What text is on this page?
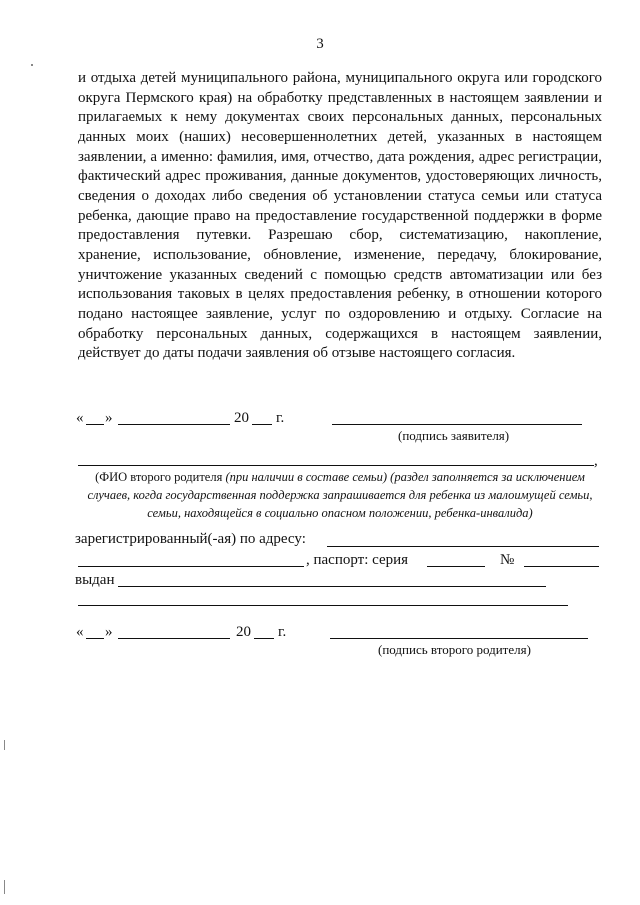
3

и отдыха детей муниципального района, муниципального округа или городского округа Пермского края) на обработку представленных в настоящем заявлении и прилагаемых к нему документах своих персональных данных, персональных данных моих (наших) несовершеннолетних детей, указанных в настоящем заявлении, а именно: фамилия, имя, отчество, дата рождения, адрес регистрации, фактический адрес проживания, данные документов, удостоверяющих личность, сведения о доходах либо сведения об установлении статуса семьи или статуса ребенка, дающие право на предоставление государственной поддержки в форме предоставления путевки. Разрешаю сбор, систематизацию, накопление, хранение, использование, обновление, изменение, передачу, блокирование, уничтожение указанных сведений с помощью средств автоматизации или без использования таковых в целях предоставления ребенку, в отношении которого подано настоящее заявление, услуг по оздоровлению и отдыху. Согласие на обработку персональных данных, содержащихся в настоящем заявлении, действует до даты подачи заявления об отзыве настоящего согласия.

« »	20 г.
(подпись заявителя)
,

(ФИО второго родителя (при наличии в составе семьи) (раздел заполняется за исключением случаев, когда государственная поддержка запрашивается для ребенка из малоимущей семьи, семьи, находящейся в социально опасном положении, ребенка-инвалида)

зарегистрированный(-ая) по адресу:
, паспорт: серия	№
выдан
« »	20 г.
(подпись второго родителя)
